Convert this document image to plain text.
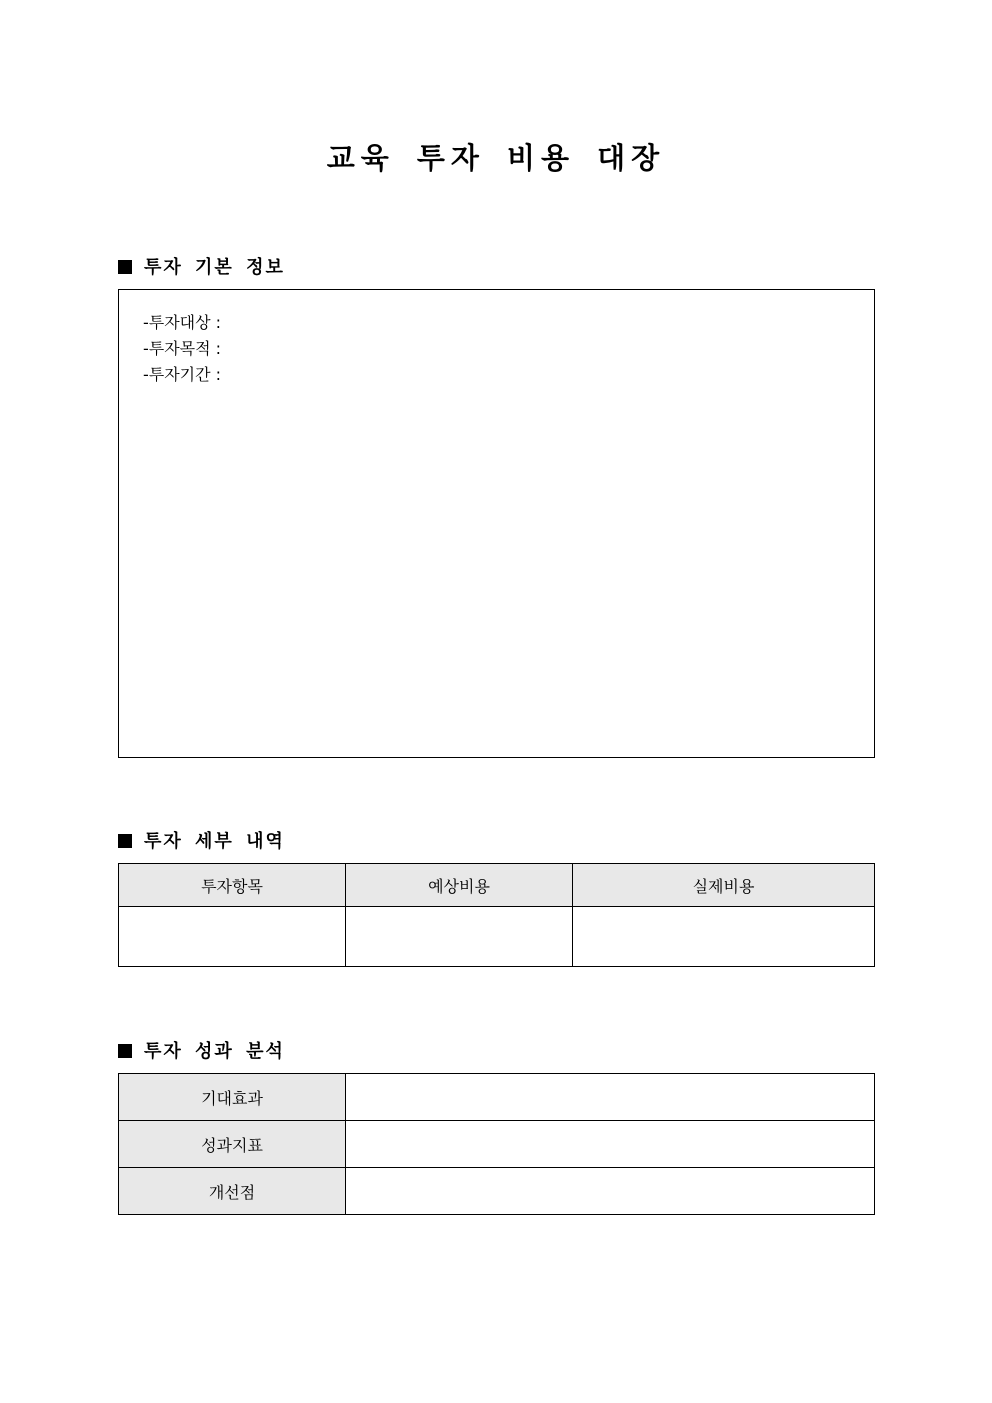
교육 투자 비용 대장
투자 기본 정보
-투자대상 :
-투자목적 :
-투자기간 :
투자 세부 내역
투자항목	예상비용	실제비용

투자 성과 분석
기대효과	
성과지표	
개선점	
